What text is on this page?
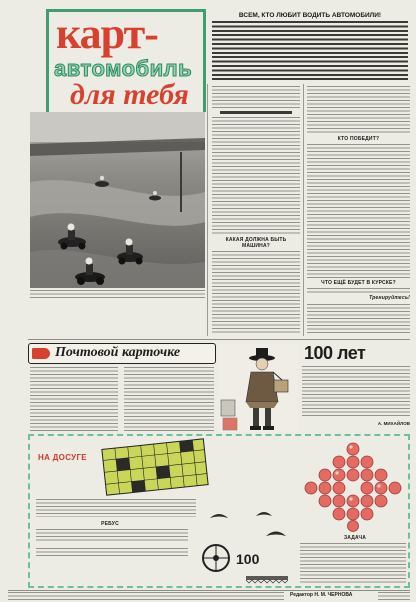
карт-
автомобиль
для тебя
ВСЕМ, КТО ЛЮБИТ ВОДИТЬ АВТОМОБИЛИ!
КАКАЯ ДОЛЖНА БЫТЬ МАШИНА?
КТО ПОБЕДИТ?
ЧТО ЕЩЁ БУДЕТ В КУРСКЕ?
Тренируйтесь!
Почтовой карточке	100 лет
А. МИХАЙЛОВ
НА ДОСУГЕ
РЕБУС
100
ЗАДАЧА
Редактор Н. М. ЧЕРНОВА
